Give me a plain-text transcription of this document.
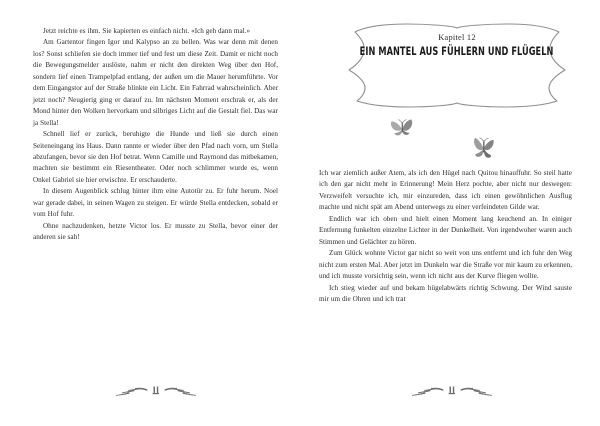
Jetzt reichte es ihm. Sie kapierten es einfach nicht. «Ich geh dann mal.»

Am Gartentor fingen Igor und Kalypso an zu bellen. Was war denn mit denen los? Sonst schliefen sie doch immer tief und fest um diese Zeit. Damit er nicht noch die Bewegungsmelder auslöste, nahm er nicht den direkten Weg über den Hof, sondern lief einen Trampelpfad entlang, der außen um die Mauer herumführte. Vor dem Eingangstor auf der Straße blinkte ein Licht. Ein Fahrrad wahrscheinlich. Aber jetzt noch? Neugierig ging er darauf zu. Im nächsten Moment erschrak er, als der Mond hinter den Wolken hervorkam und silbriges Licht auf die Gestalt fiel. Das war ja Stella!

Schnell lief er zurück, beruhigte die Hunde und ließ sie durch einen Seiteneingang ins Haus. Dann rannte er wieder über den Pfad nach vorn, um Stella abzufangen, bevor sie den Hof betrat. Wenn Camille und Raymond das mitbekamen, machten sie bestimmt ein Riesentheater. Oder noch schlimmer wurde es, wenn Onkel Gabriel sie hier erwischte. Er erschauderte.

In diesem Augenblick schlug hinter ihm eine Autotür zu. Er fuhr herum. Noel war gerade dabei, in seinen Wagen zu steigen. Er würde Stella entdecken, sobald er vom Hof fuhr.

Ohne nachzudenken, hetzte Victor los. Er musste zu Stella, bevor einer der anderen sie sah!

Kapitel 12
EIN MANTEL AUS FÜHLERN UND FLÜGELN

Ich war ziemlich außer Atem, als ich den Hügel nach Quitou hinauffuhr. So steil hatte ich den gar nicht mehr in Erinnerung! Mein Herz pochte, aber nicht nur deswegen: Verzweifelt versuchte ich, mir einzureden, dass ich einen gewöhnlichen Ausflug machte und nicht spät am Abend unterwegs zu einer verfeindeten Gilde war.

Endlich war ich oben und hielt einen Moment lang keuchend an. In einiger Entfernung funkelten einzelne Lichter in der Dunkelheit. Von irgendwoher waren auch Stimmen und Gelächter zu hören.

Zum Glück wohnte Victor gar nicht so weit von uns entfernt und ich fuhr den Weg nicht zum ersten Mal. Aber jetzt im Dunkeln war die Straße vor mir kaum zu erkennen, und ich musste vorsichtig sein, wenn ich nicht aus der Kurve fliegen wollte.

Ich stieg wieder auf und bekam hügelabwärts richtig Schwung. Der Wind sauste mir um die Ohren und ich trat
